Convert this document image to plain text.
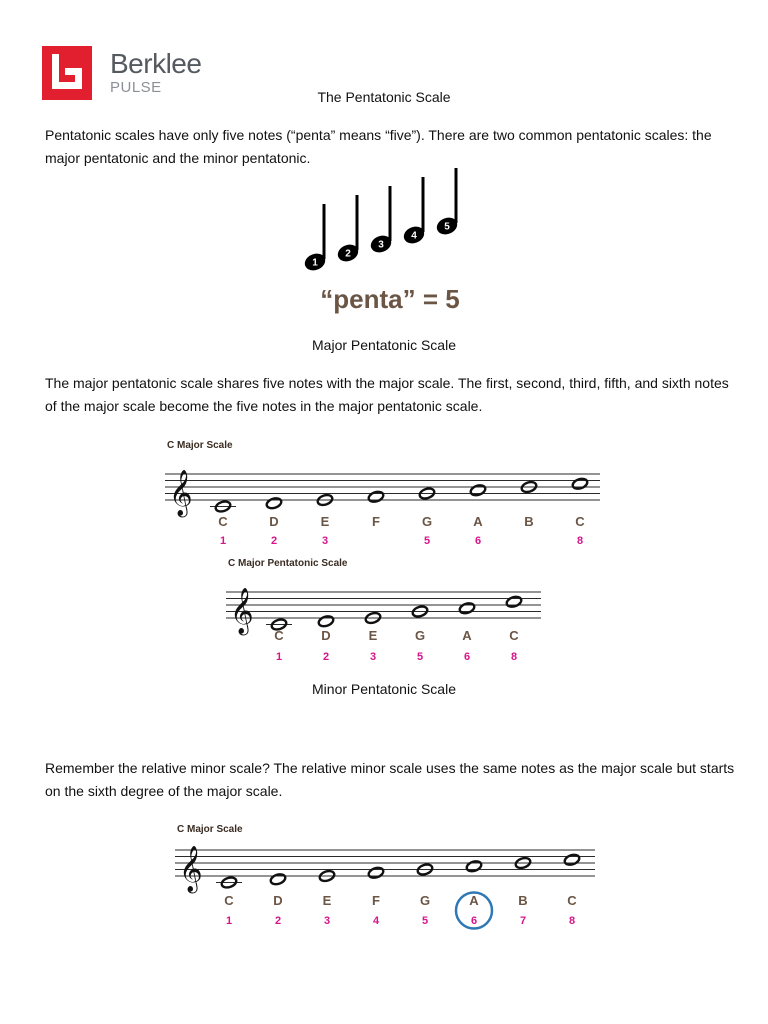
Berklee
PULSE
The Pentatonic Scale
Pentatonic scales have only five notes (“penta” means “five”). There are two common pentatonic scales: the major pentatonic and the minor pentatonic.
1
2
3
4
5
“penta” = 5
Major Pentatonic Scale
The major pentatonic scale shares five notes with the major scale. The first, second, third, fifth, and sixth notes of the major scale become the five notes in the major pentatonic scale.
C Major Scale
𝄞
C
1
D
2
E
3
F	G
5
A
6
B	C
8
C Major Pentatonic Scale
𝄞
C
1
D
2
E
3
G
5
A
6
C
8
Minor Pentatonic Scale
Remember the relative minor scale? The relative minor scale uses the same notes as the major scale but starts on the sixth degree of the major scale.
C Major Scale
𝄞
C
1
D
2
E
3
F
4
G
5
A
6
B
7
C
8
